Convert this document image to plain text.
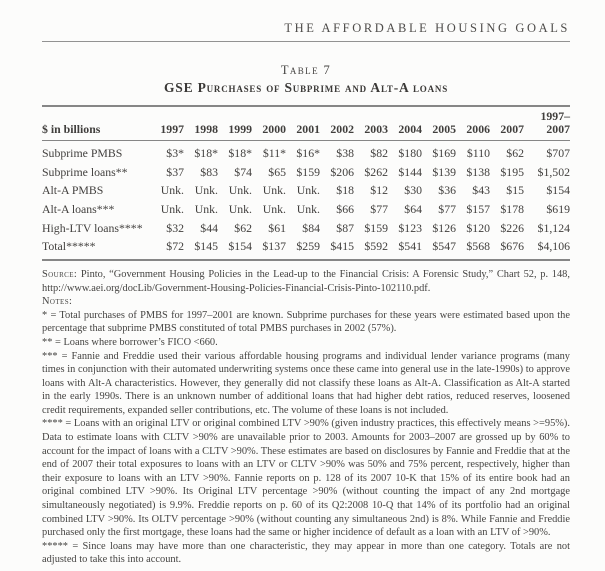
THE AFFORDABLE HOUSING GOALS
Table 7
GSE Purchases of Subprime and Alt-A loans
$ in billions	1997	1998	1999	2000	2001	2002	2003	2004	2005	2006	2007	1997–
2007

Subprime PMBS	$3*	$18*	$18*	$11*	$16*	$38	$82	$180	$169	$110	$62	$707
Subprime loans**	$37	$83	$74	$65	$159	$206	$262	$144	$139	$138	$195	$1,502
Alt-A PMBS	Unk.	Unk.	Unk.	Unk.	Unk.	$18	$12	$30	$36	$43	$15	$154
Alt-A loans***	Unk.	Unk.	Unk.	Unk.	Unk.	$66	$77	$64	$77	$157	$178	$619
High-LTV loans****	$32	$44	$62	$61	$84	$87	$159	$123	$126	$120	$226	$1,124
Total*****	$72	$145	$154	$137	$259	$415	$592	$541	$547	$568	$676	$4,106

Source: Pinto, “Government Housing Policies in the Lead-up to the Financial Crisis: A Forensic Study,” Chart 52, p. 148, http://www.aei.org/docLib/Government-Housing-Policies-Financial-Crisis-Pinto-102110.pdf.

Notes:

* = Total purchases of PMBS for 1997–2001 are known. Subprime purchases for these years were estimated based upon the percentage that subprime PMBS constituted of total PMBS purchases in 2002 (57%).

** = Loans where borrower’s FICO <660.

*** = Fannie and Freddie used their various affordable housing programs and individual lender variance programs (many times in conjunction with their automated underwriting systems once these came into general use in the late-1990s) to approve loans with Alt-A characteristics. However, they generally did not classify these loans as Alt-A. Classification as Alt-A started in the early 1990s. There is an unknown number of additional loans that had higher debt ratios, reduced reserves, loosened credit requirements, expanded seller contributions, etc. The volume of these loans is not included.

**** = Loans with an original LTV or original combined LTV >90% (given industry practices, this effectively means >=95%). Data to estimate loans with CLTV >90% are unavailable prior to 2003. Amounts for 2003–2007 are grossed up by 60% to account for the impact of loans with a CLTV >90%. These estimates are based on disclosures by Fannie and Freddie that at the end of 2007 their total exposures to loans with an LTV or CLTV >90% was 50% and 75% percent, respectively, higher than their exposure to loans with an LTV >90%. Fannie reports on p. 128 of its 2007 10-K that 15% of its entire book had an original combined LTV >90%. Its Original LTV percentage >90% (without counting the impact of any 2nd mortgage simultaneously negotiated) is 9.9%. Freddie reports on p. 60 of its Q2:2008 10-Q that 14% of its portfolio had an original combined LTV >90%. Its OLTV percentage >90% (without counting any simultaneous 2nd) is 8%. While Fannie and Freddie purchased only the first mortgage, these loans had the same or higher incidence of default as a loan with an LTV of >90%.

***** = Since loans may have more than one characteristic, they may appear in more than one category. Totals are not adjusted to take this into account.
